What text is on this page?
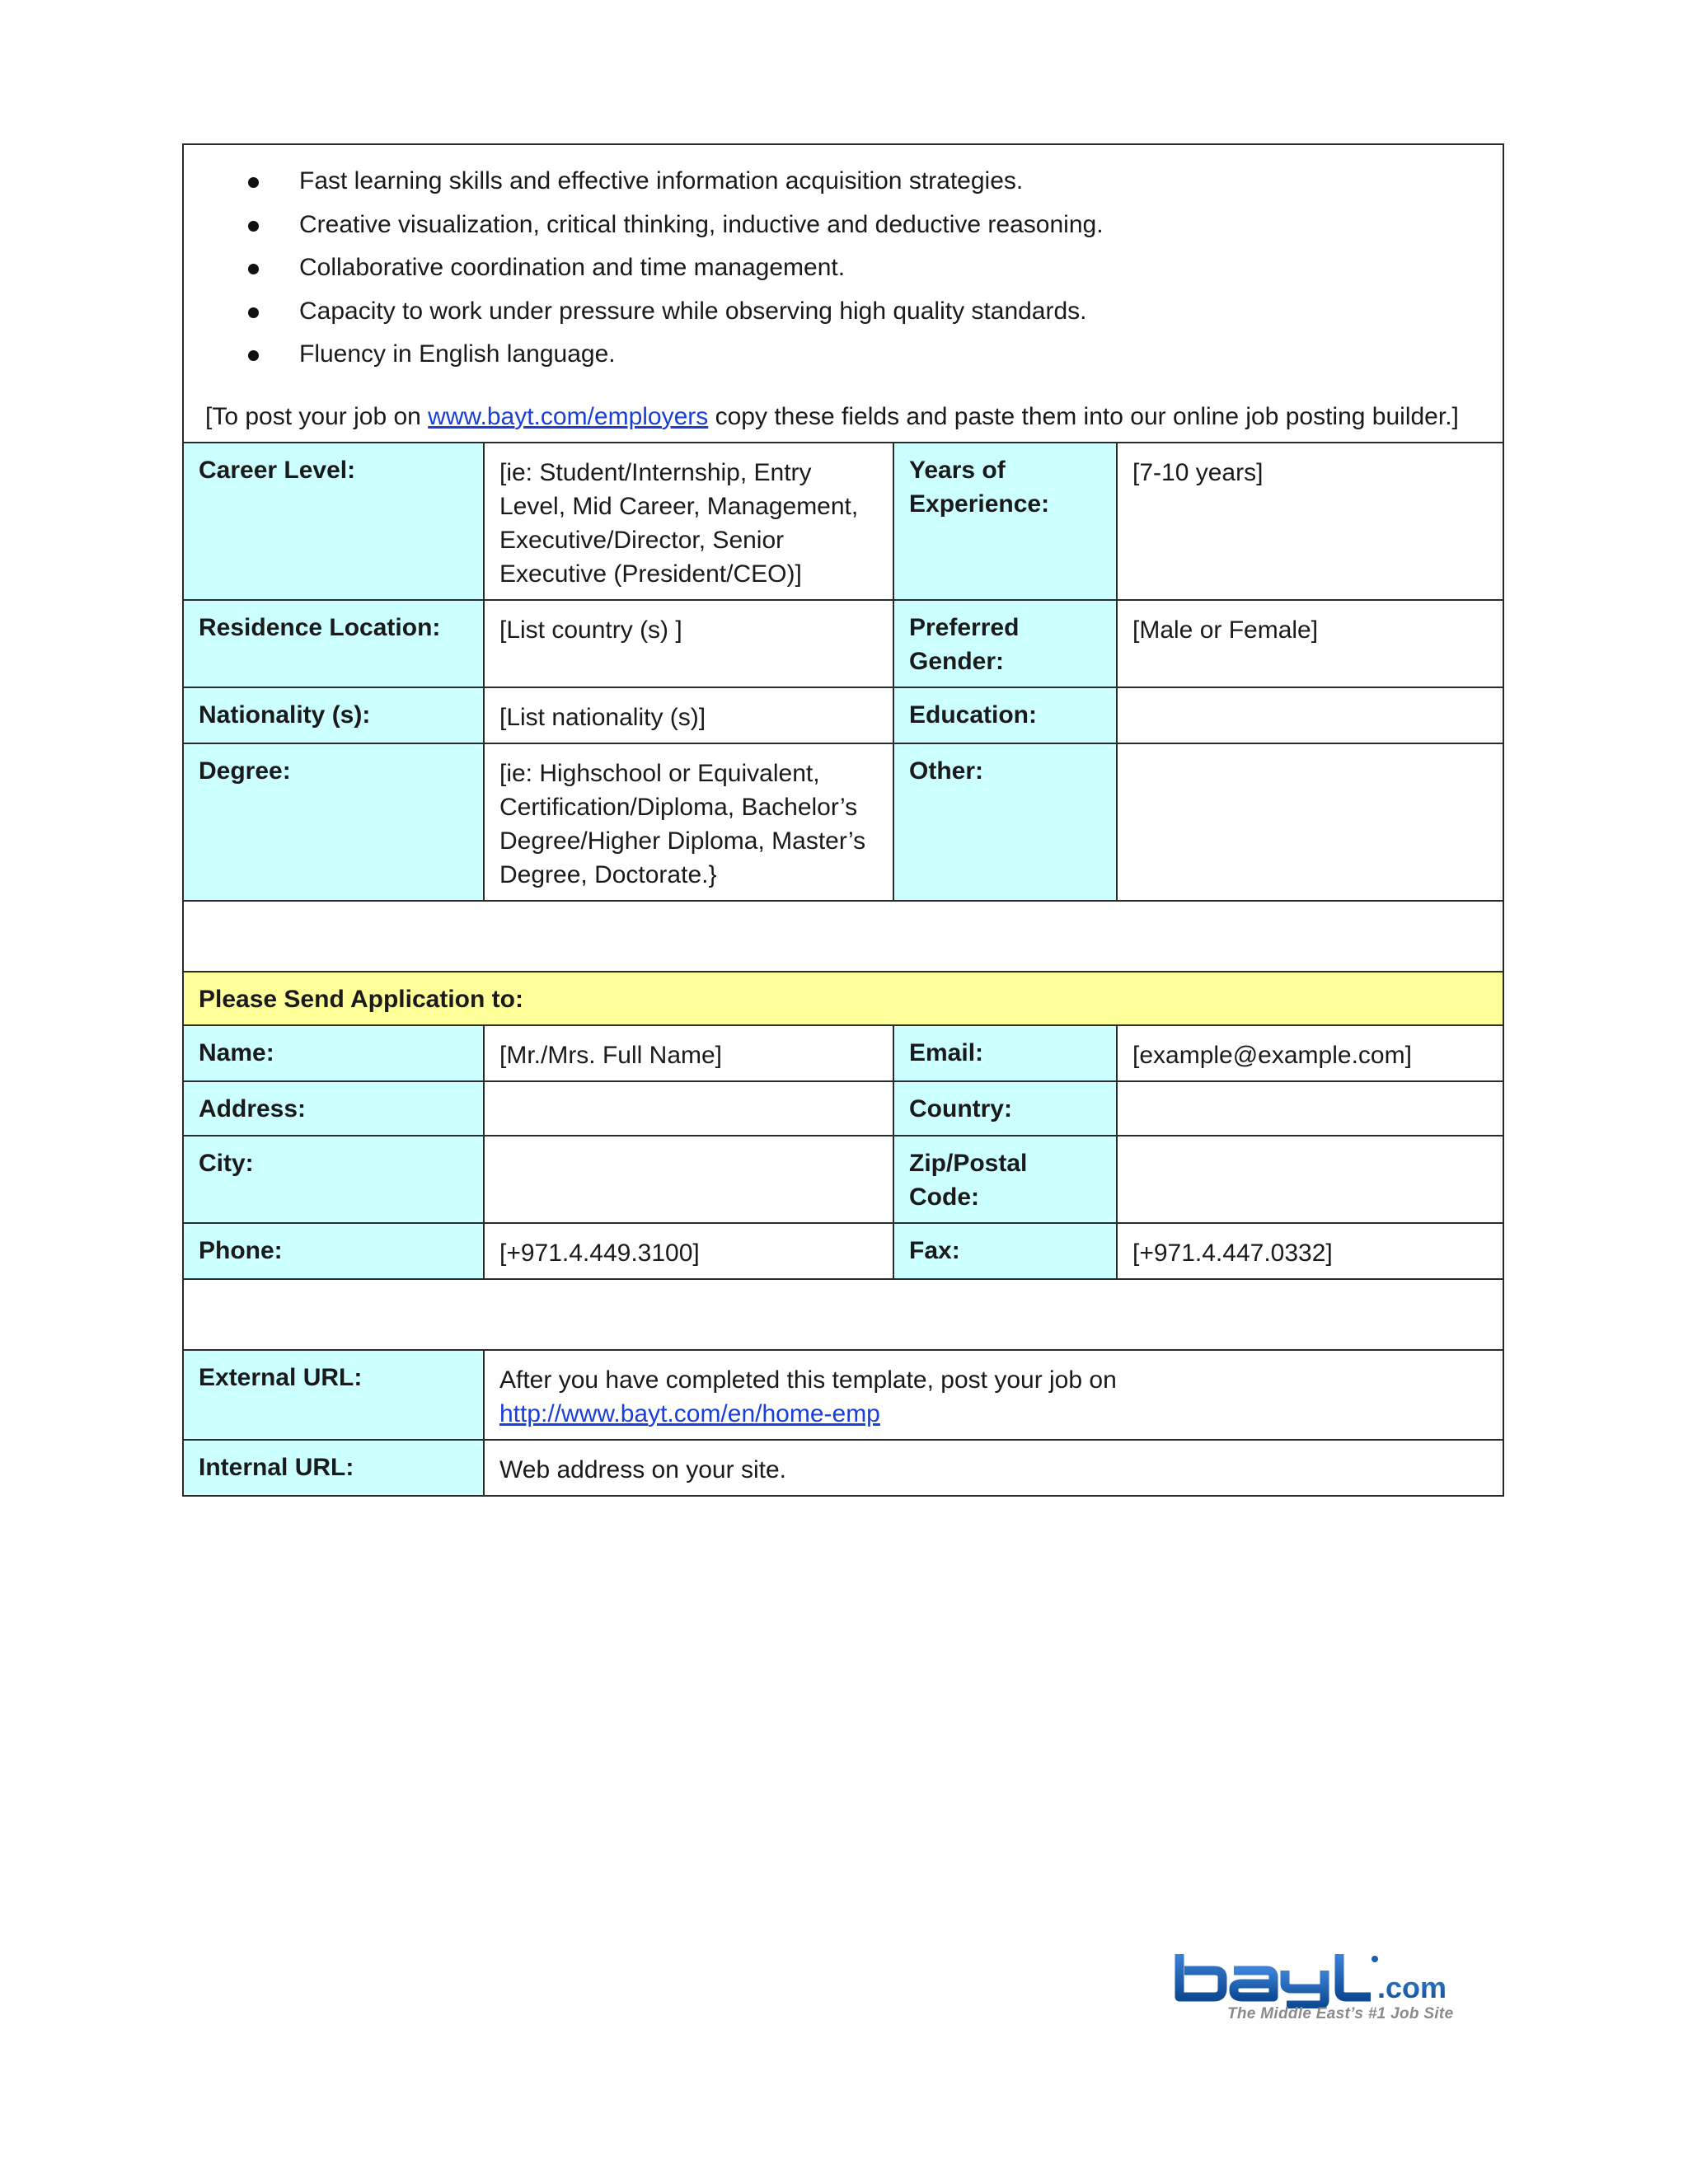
Fast learning skills and effective information acquisition strategies.
Creative visualization, critical thinking, inductive and deductive reasoning.
Collaborative coordination and time management.
Capacity to work under pressure while observing high quality standards.
Fluency in English language.
[To post your job on www.bayt.com/employers copy these fields and paste them into our online job posting builder.]
Career Level:	[ie: Student/Internship, Entry Level, Mid Career, Management, Executive/Director, Senior Executive (President/CEO)]	Years of Experience:	[7-10 years]

Residence Location:	[List country (s) ]	Preferred Gender:	[Male or Female]

Nationality (s):	[List nationality (s)]	Education:	

Degree:	[ie: Highschool or Equivalent, Certification/Diploma, Bachelor’s Degree/Higher Diploma, Master’s Degree, Doctorate.}	Other:	

Please Send Application to:			
Name:	[Mr./Mrs. Full Name]	Email:	[example@example.com]

Address:		Country:	

City:		Zip/Postal Code:	

Phone:	[+971.4.449.3100]	Fax:	[+971.4.447.0332]

External URL:	After you have completed this template, post your job on
http://www.bayt.com/en/home-emp		
Internal URL:	Web address on your site.		
.com
The Middle East’s #1 Job Site
